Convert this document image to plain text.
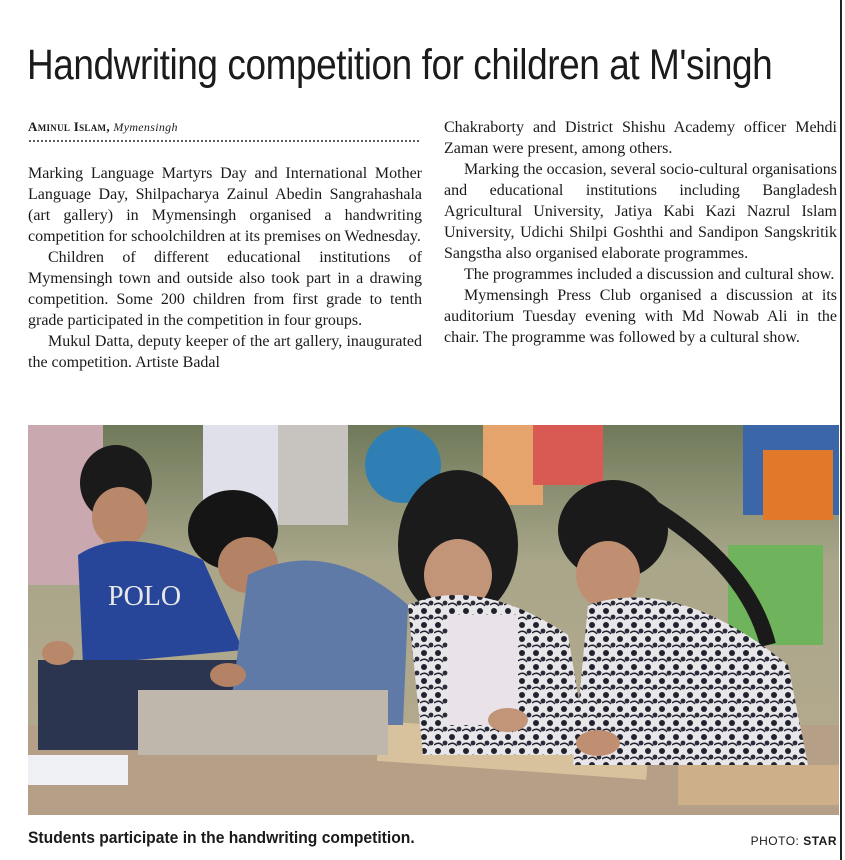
Handwriting competition for children at M'singh
Aminul Islam, Mymensingh

Marking Language Martyrs Day and International Mother Language Day, Shilpacharya Zainul Abedin Sangrahashala (art gallery) in Mymensingh organised a handwriting competition for schoolchildren at its premises on Wednesday.

Children of different educational institutions of Mymensingh town and outside also took part in a drawing competition. Some 200 children from first grade to tenth grade participated in the competition in four groups.

Mukul Datta, deputy keeper of the art gallery, inaugurated the competition. Artiste Badal

Chakraborty and District Shishu Academy officer Mehdi Zaman were present, among others.

Marking the occasion, several socio-cultural organisations and educational institutions including Bangladesh Agricultural University, Jatiya Kabi Kazi Nazrul Islam University, Udichi Shilpi Goshthi and Sandipon Sangskritik Sangstha also organised elaborate programmes.

The programmes included a discussion and cultural show.

Mymensingh Press Club organised a discussion at its auditorium Tuesday evening with Md Nowab Ali in the chair. The programme was followed by a cultural show.

POLO
Students participate in the handwriting competition.	PHOTO: STAR
